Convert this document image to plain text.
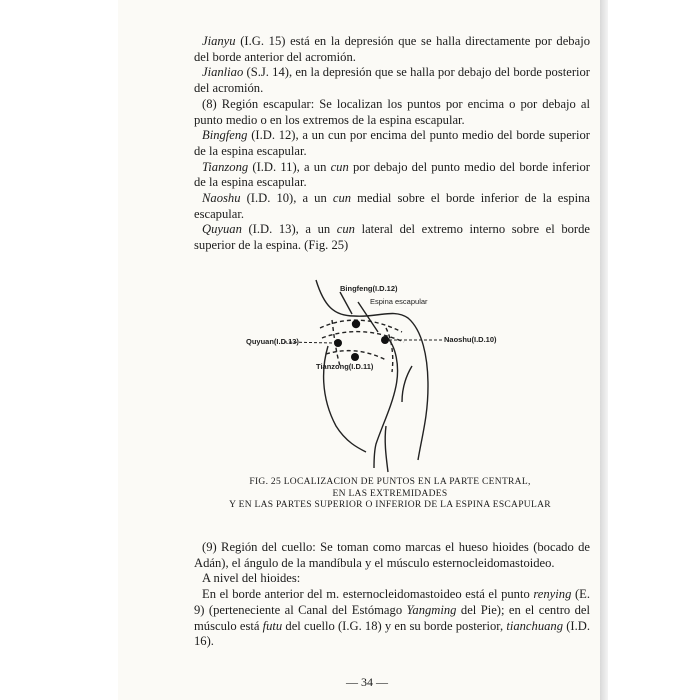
Jianyu (I.G. 15) está en la depresión que se halla directamente por debajo del borde anterior del acromión.

Jianliao (S.J. 14), en la depresión que se halla por debajo del borde posterior del acromión.

(8) Región escapular: Se localizan los puntos por encima o por debajo al punto medio o en los extremos de la espina escapular.

Bingfeng (I.D. 12), a un cun por encima del punto medio del borde superior de la espina escapular.

Tianzong (I.D. 11), a un cun por debajo del punto medio del borde inferior de la espina escapular.

Naoshu (I.D. 10), a un cun medial sobre el borde inferior de la espina escapular.

Quyuan (I.D. 13), a un cun lateral del extremo interno sobre el borde superior de la espina. (Fig. 25)

Bingfeng(I.D.12)
Espina escapular
Quyuan(I.D.13)	Naoshu(I.D.10)
Tianzong(I.D.11)
FIG. 25 LOCALIZACION DE PUNTOS EN LA PARTE CENTRAL,
EN LAS EXTREMIDADES
Y EN LAS PARTES SUPERIOR O INFERIOR DE LA ESPINA ESCAPULAR

(9) Región del cuello: Se toman como marcas el hueso hioides (bocado de Adán), el ángulo de la mandíbula y el músculo esternocleidomastoideo.

A nivel del hioides:

En el borde anterior del m. esternocleidomastoideo está el punto renying (E. 9) (perteneciente al Canal del Estómago Yangming del Pie); en el centro del músculo está futu del cuello (I.G. 18) y en su borde posterior, tianchuang (I.D. 16).

— 34 —
